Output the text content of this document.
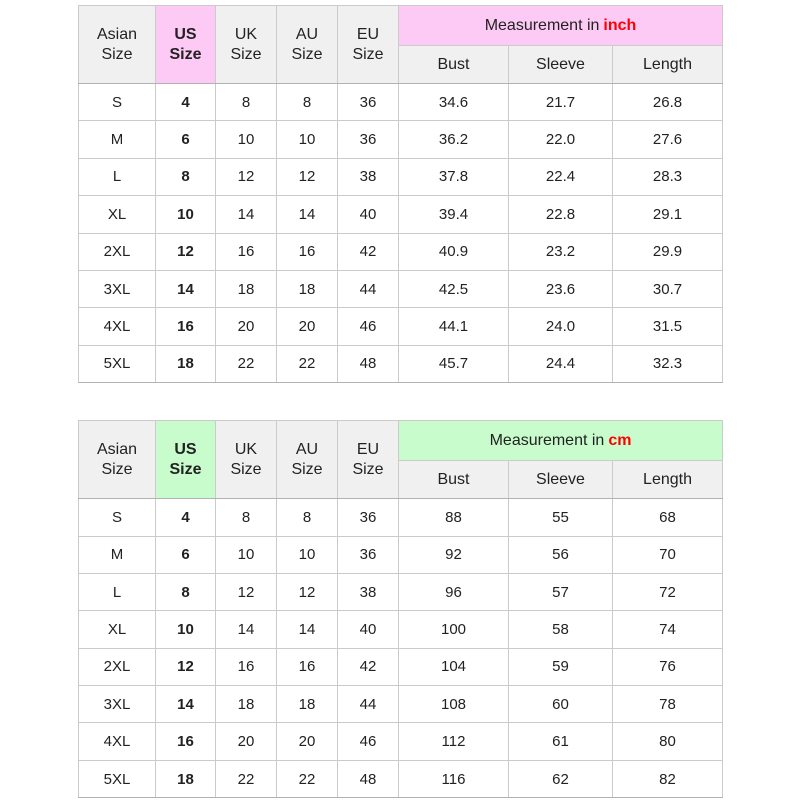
Asian Size	US Size	UK Size	AU Size	EU Size	Measurement in inch		
					Bust	Sleeve	Length
S	4	8	8	36	34.6	21.7	26.8
M	6	10	10	36	36.2	22.0	27.6
L	8	12	12	38	37.8	22.4	28.3
XL	10	14	14	40	39.4	22.8	29.1
2XL	12	16	16	42	40.9	23.2	29.9
3XL	14	18	18	44	42.5	23.6	30.7
4XL	16	20	20	46	44.1	24.0	31.5
5XL	18	22	22	48	45.7	24.4	32.3
Asian Size	US Size	UK Size	AU Size	EU Size	Measurement in cm		
					Bust	Sleeve	Length
S	4	8	8	36	88	55	68
M	6	10	10	36	92	56	70
L	8	12	12	38	96	57	72
XL	10	14	14	40	100	58	74
2XL	12	16	16	42	104	59	76
3XL	14	18	18	44	108	60	78
4XL	16	20	20	46	112	61	80
5XL	18	22	22	48	116	62	82
